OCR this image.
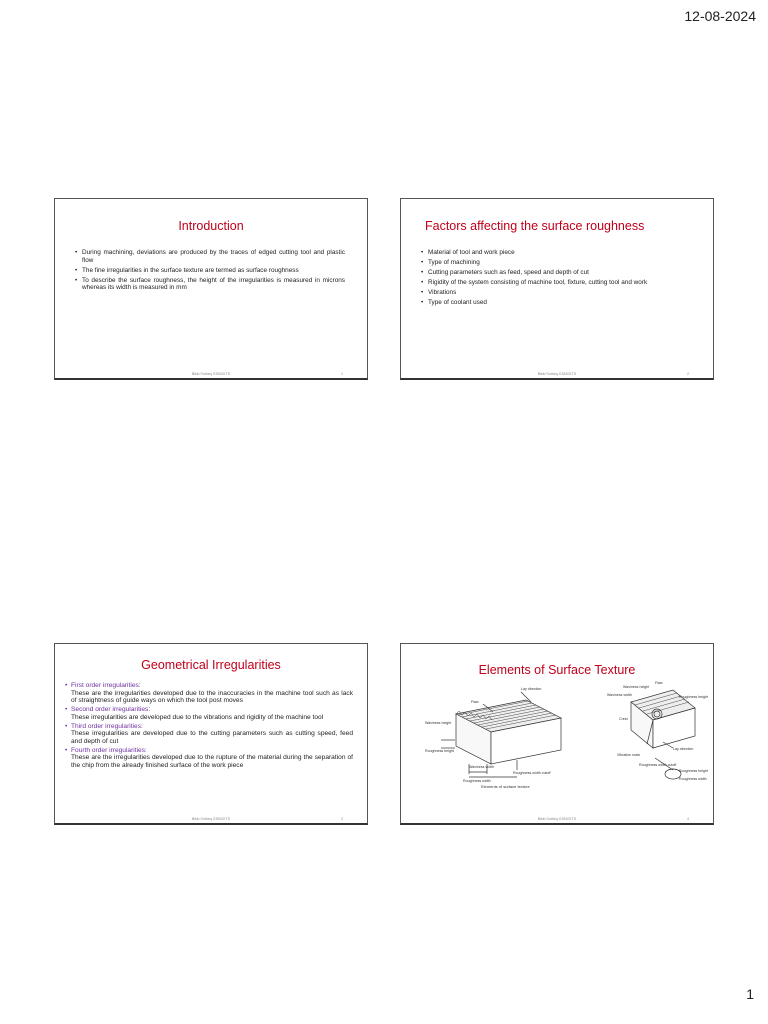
12-08-2024
Introduction
• During machining, deviations are produced by the traces of edged cutting tool and plastic flow
• The fine irregularities in the surface texture are termed as surface roughness
• To describe the surface roughness, the height of the irregularities is measured in microns whereas its width is measured in mm
Bikki Sutheq GSNCKTS	1
Factors affecting the surface roughness
• Material of tool and work piece
• Type of machining
• Cutting parameters such as feed, speed and depth of cut
• Rigidity of the system consisting of machine tool, fixture, cutting tool and work
• Vibrations
• Type of coolant used
Bikki Sutheq GSNCKTS	2
Geometrical Irregularities
• First order irregularities:
These are the irregularities developed due to the inaccuracies in the machine tool such as lack of straightness of guide ways on which the tool post moves
• Second order irregularities:
These irregularities are developed due to the vibrations and rigidity of the machine tool
• Third order irregularities:
These irregularities are developed due to the cutting parameters such as cutting speed, feed and depth of cut
• Fourth order irregularities:
These are the irregularities developed due to the rupture of the material during the separation of the chip from the already finished surface of the work piece
Bikki Sutheq GSNCKTS	3
Elements of Surface Texture
Flaw
Lay direction
Waviness height
Roughness height
Waviness width
Roughness-width cutoff
Roughness width
Elements of surface texture
Waviness height
Waviness width
Flaw
Roughness height
Crest
Lay direction
Vibration mark
Roughness width cutoff
Roughness height
Roughness width
Bikki Sutheq GSNCKTS	4
1
